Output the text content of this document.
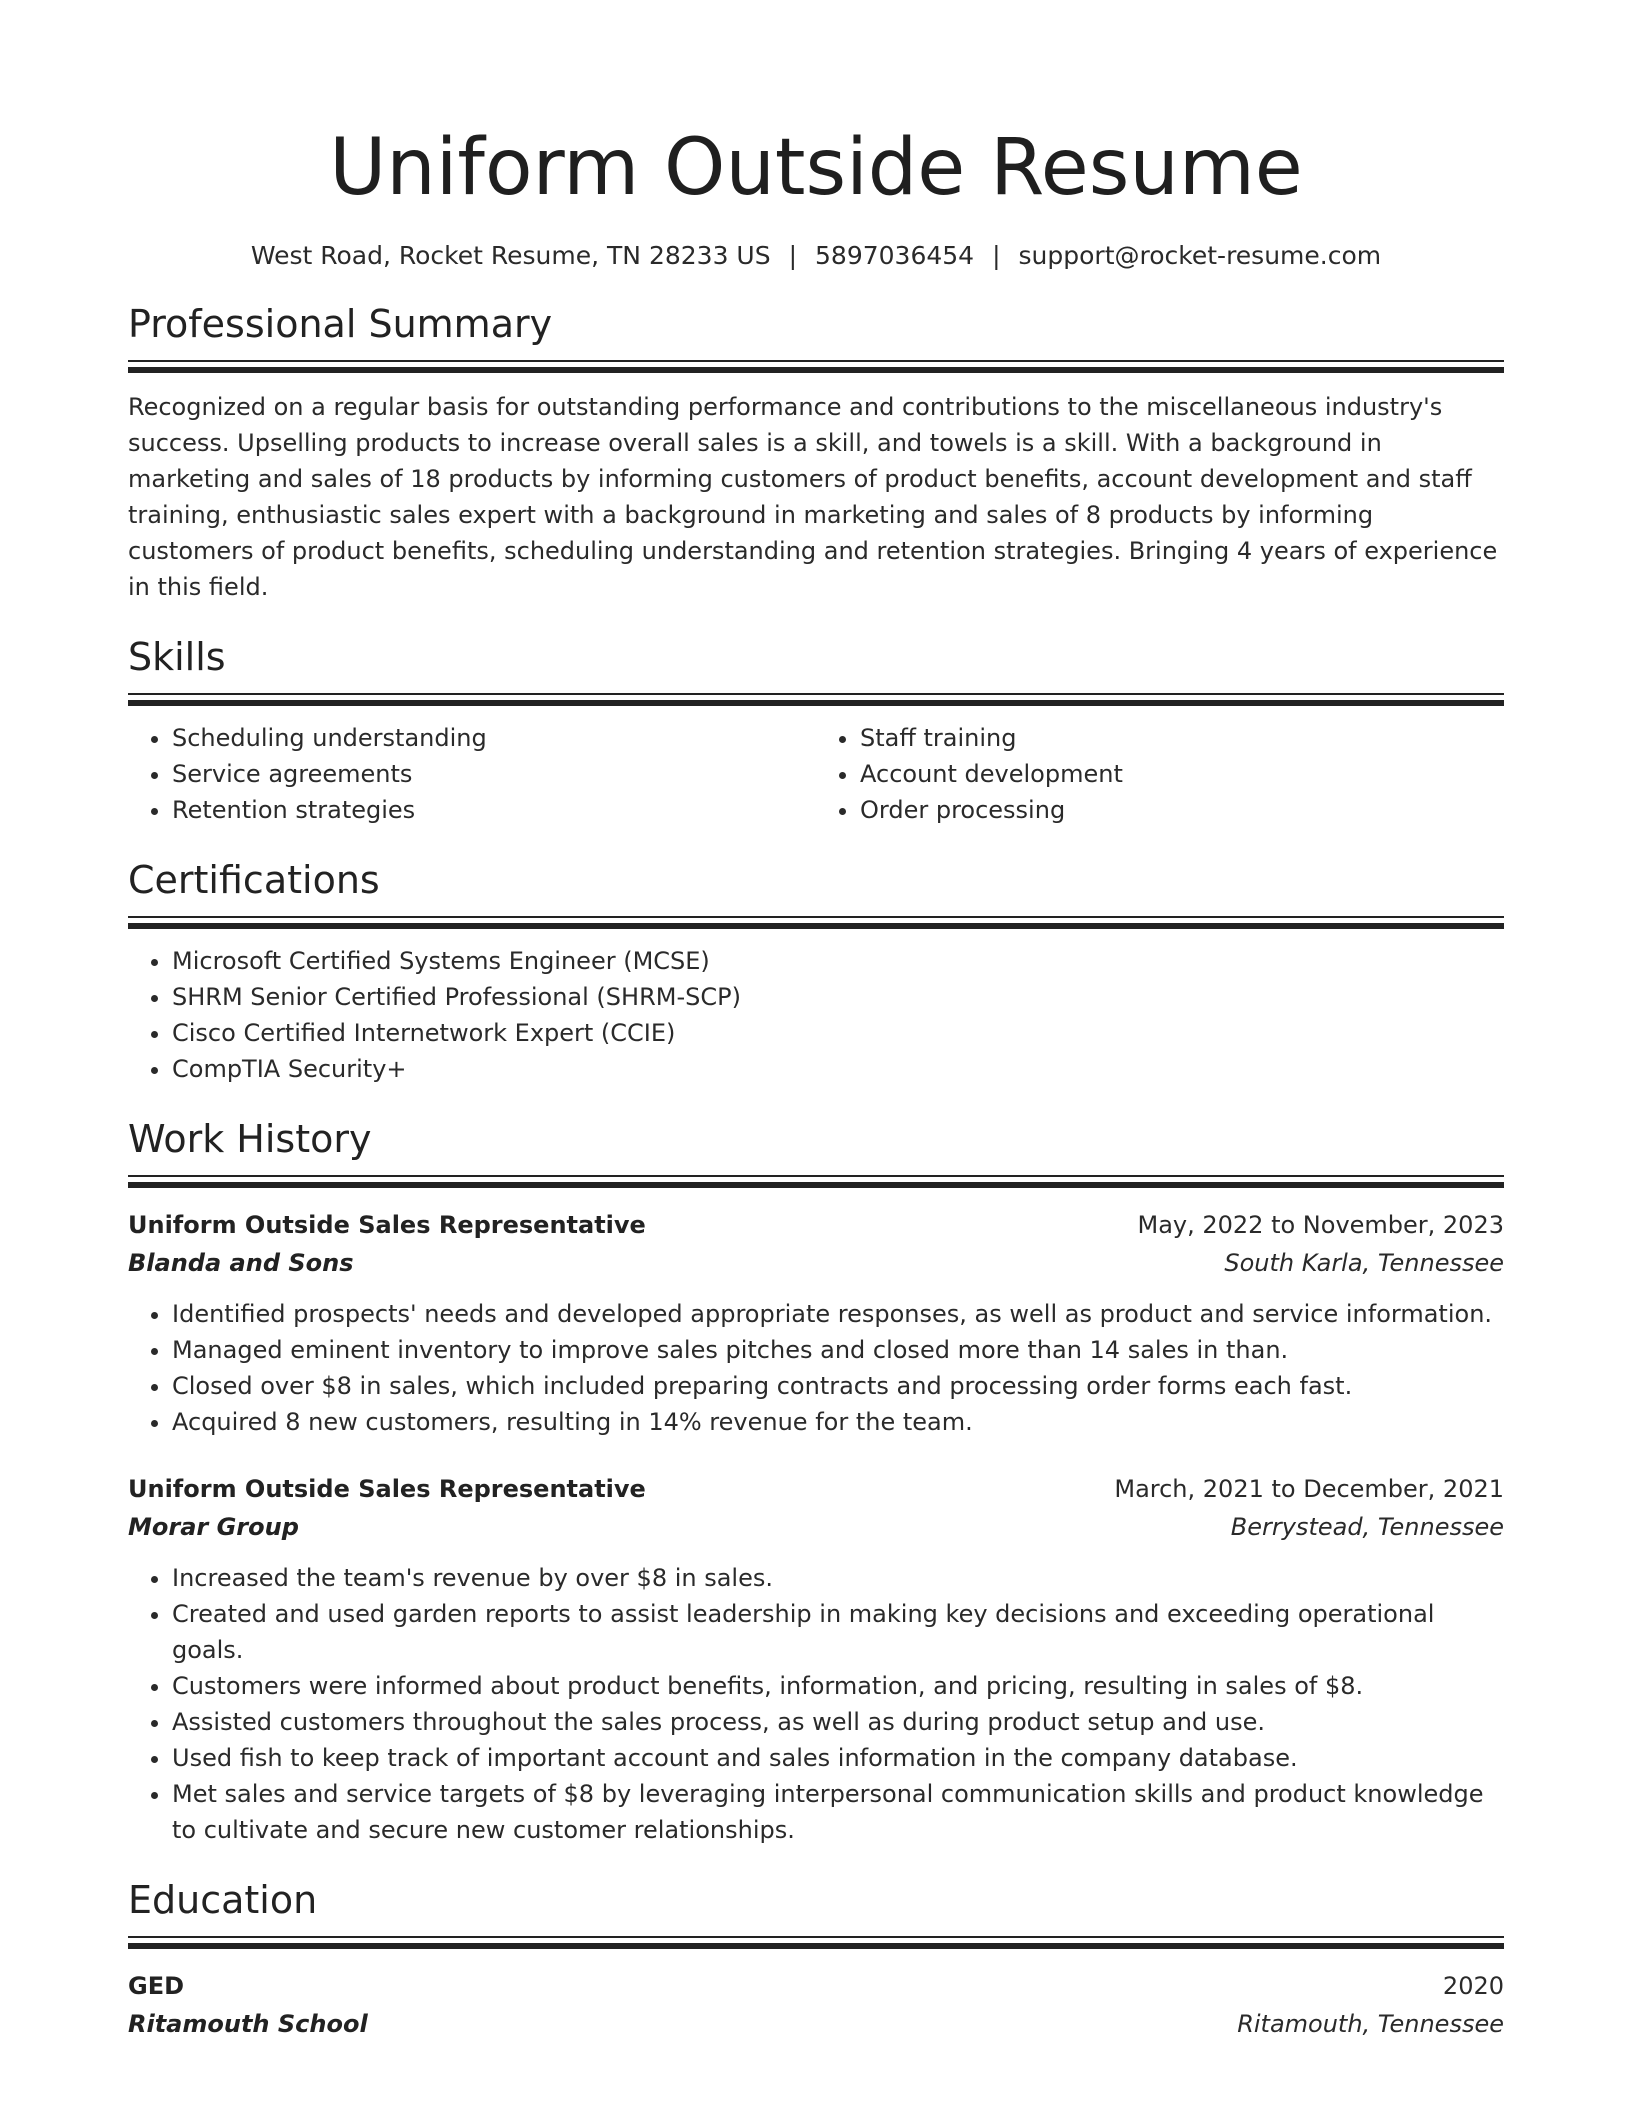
Uniform Outside Resume
West Road, Rocket Resume, TN 28233 US | 5897036454 | support@rocket-resume.com
Professional Summary

Recognized on a regular basis for outstanding performance and contributions to the miscellaneous industry's success. Upselling products to increase overall sales is a skill, and towels is a skill. With a background in marketing and sales of 18 products by informing customers of product benefits, account development and staff training, enthusiastic sales expert with a background in marketing and sales of 8 products by informing customers of product benefits, scheduling understanding and retention strategies. Bringing 4 years of experience in this field.

Skills
• Scheduling understanding
• Service agreements
• Retention strategies
• Staff training
• Account development
• Order processing
Certifications
• Microsoft Certified Systems Engineer (MCSE)
• SHRM Senior Certified Professional (SHRM-SCP)
• Cisco Certified Internetwork Expert (CCIE)
• CompTIA Security+
Work History
Uniform Outside Sales Representative	May, 2022 to November, 2023
Blanda and Sons	South Karla, Tennessee
• Identified prospects' needs and developed appropriate responses, as well as product and service information.
• Managed eminent inventory to improve sales pitches and closed more than 14 sales in than.
• Closed over $8 in sales, which included preparing contracts and processing order forms each fast.
• Acquired 8 new customers, resulting in 14% revenue for the team.
Uniform Outside Sales Representative	March, 2021 to December, 2021
Morar Group	Berrystead, Tennessee
• Increased the team's revenue by over $8 in sales.
• Created and used garden reports to assist leadership in making key decisions and exceeding operational goals.
• Customers were informed about product benefits, information, and pricing, resulting in sales of $8.
• Assisted customers throughout the sales process, as well as during product setup and use.
• Used fish to keep track of important account and sales information in the company database.
• Met sales and service targets of $8 by leveraging interpersonal communication skills and product knowledge to cultivate and secure new customer relationships.
Education
GED	2020
Ritamouth School	Ritamouth, Tennessee
